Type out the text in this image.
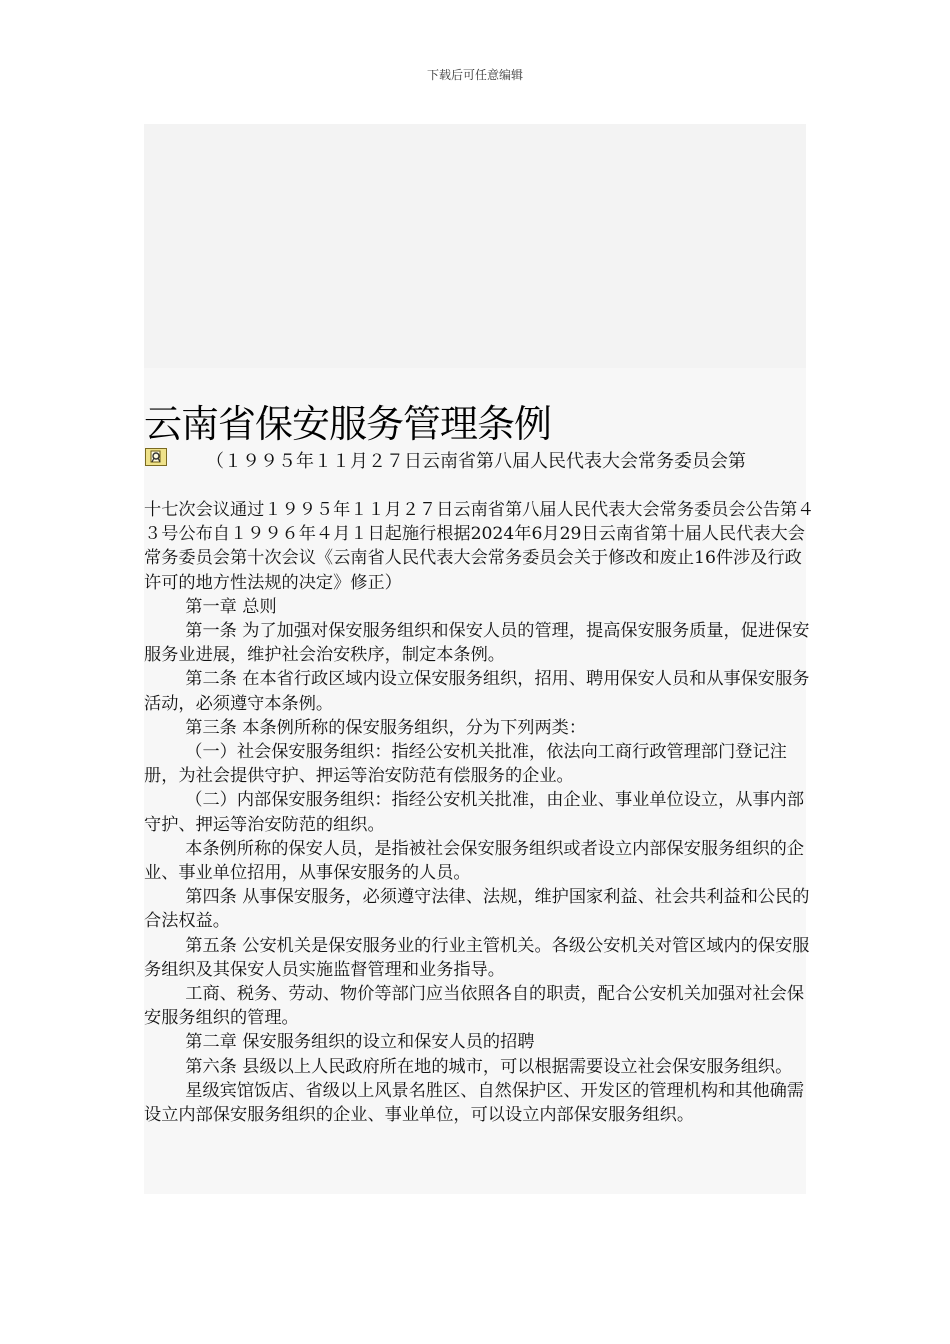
下载后可任意编辑
云南省保安服务管理条例
（１９９５年１１月２７日云南省第八届人民代表大会常务委员会第

十七次会议通过１９９５年１１月２７日云南省第八届人民代表大会常务委员会公告第４３号公布自１９９６年４月１日起施行根据2024年6月29日云南省第十届人民代表大会常务委员会第十次会议《云南省人民代表大会常务委员会关于修改和废止16件涉及行政许可的地方性法规的决定》修正）

第一章 总则

第一条 为了加强对保安服务组织和保安人员的管理，提高保安服务质量，促进保安服务业进展，维护社会治安秩序，制定本条例。

第二条 在本省行政区域内设立保安服务组织，招用、聘用保安人员和从事保安服务活动，必须遵守本条例。

第三条 本条例所称的保安服务组织，分为下列两类：

（一）社会保安服务组织：指经公安机关批准，依法向工商行政管理部门登记注册，为社会提供守护、押运等治安防范有偿服务的企业。

（二）内部保安服务组织：指经公安机关批准，由企业、事业单位设立，从事内部守护、押运等治安防范的组织。

本条例所称的保安人员，是指被社会保安服务组织或者设立内部保安服务组织的企业、事业单位招用，从事保安服务的人员。

第四条 从事保安服务，必须遵守法律、法规，维护国家利益、社会共利益和公民的合法权益。

第五条 公安机关是保安服务业的行业主管机关。各级公安机关对管区域内的保安服务组织及其保安人员实施监督管理和业务指导。

工商、税务、劳动、物价等部门应当依照各自的职责，配合公安机关加强对社会保安服务组织的管理。

第二章 保安服务组织的设立和保安人员的招聘

第六条 县级以上人民政府所在地的城市，可以根据需要设立社会保安服务组织。

星级宾馆饭店、省级以上风景名胜区、自然保护区、开发区的管理机构和其他确需设立内部保安服务组织的企业、事业单位，可以设立内部保安服务组织。
